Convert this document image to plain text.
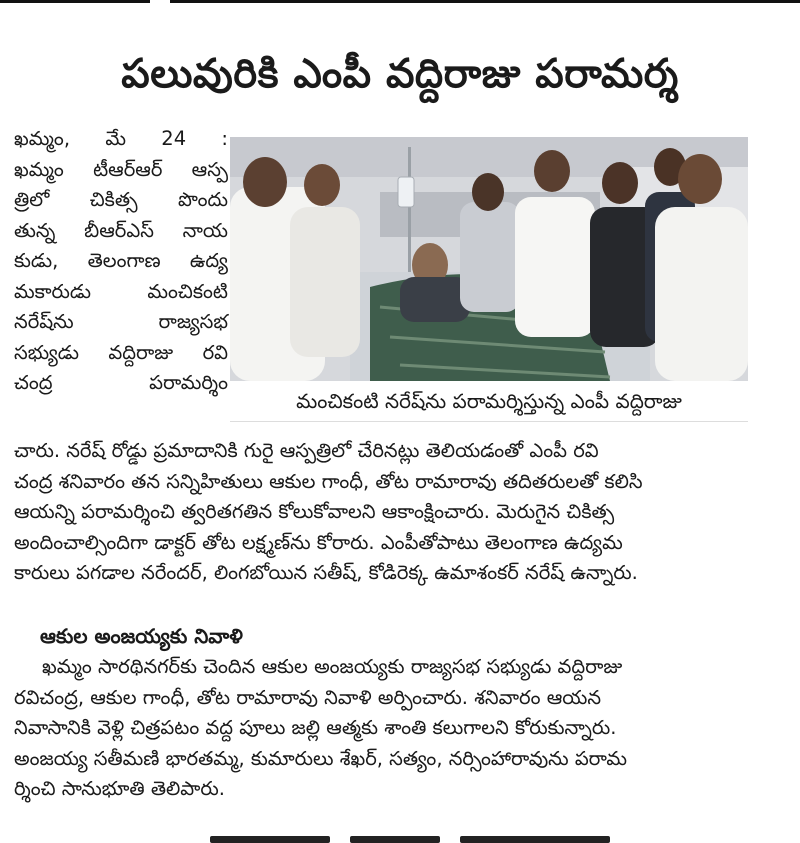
పలువురికి ఎంపీ వద్దిరాజు పరామర్శ
ఖమ్మం, మే 24 :
ఖమ్మం టీఆర్ఆర్ ఆస్ప
త్రిలో చికిత్స పొందు
తున్న బీఆర్ఎస్ నాయ
కుడు, తెలంగాణ ఉద్య
మకారుడు మంచికంటి
నరేష్‌ను రాజ్యసభ
సభ్యుడు వద్దిరాజు రవి
చంద్ర పరామర్శిం
మంచికంటి నరేష్‌ను పరామర్శిస్తున్న ఎంపీ వద్దిరాజు
చారు. నరేష్ రోడ్డు ప్రమాదానికి గురై ఆస్పత్రిలో చేరినట్లు తెలియడంతో ఎంపీ రవి
చంద్ర శనివారం తన సన్నిహితులు ఆకుల గాంధీ, తోట రామారావు తదితరులతో కలిసి
ఆయన్ని పరామర్శించి త్వరితగతిన కోలుకోవాలని ఆకాంక్షించారు. మెరుగైన చికిత్స
అందించాల్సిందిగా డాక్టర్ తోట లక్ష్మణ్‌ను కోరారు. ఎంపీతోపాటు తెలంగాణ ఉద్యమ
కారులు పగడాల నరేందర్, లింగబోయిన సతీష్, కోడిరెక్క ఉమాశంకర్ నరేష్ ఉన్నారు.
ఆకుల అంజయ్యకు నివాళి
ఖమ్మం సారథినగర్‌కు చెందిన ఆకుల అంజయ్యకు రాజ్యసభ సభ్యుడు వద్దిరాజు
రవిచంద్ర, ఆకుల గాంధీ, తోట రామారావు నివాళి అర్పించారు. శనివారం ఆయన
నివాసానికి వెళ్లి చిత్రపటం వద్ద పూలు జల్లి ఆత్మకు శాంతి కలుగాలని కోరుకున్నారు.
అంజయ్య సతీమణి భారతమ్మ, కుమారులు శేఖర్, సత్యం, నర్సింహారావును పరామ
ర్శించి సానుభూతి తెలిపారు.
